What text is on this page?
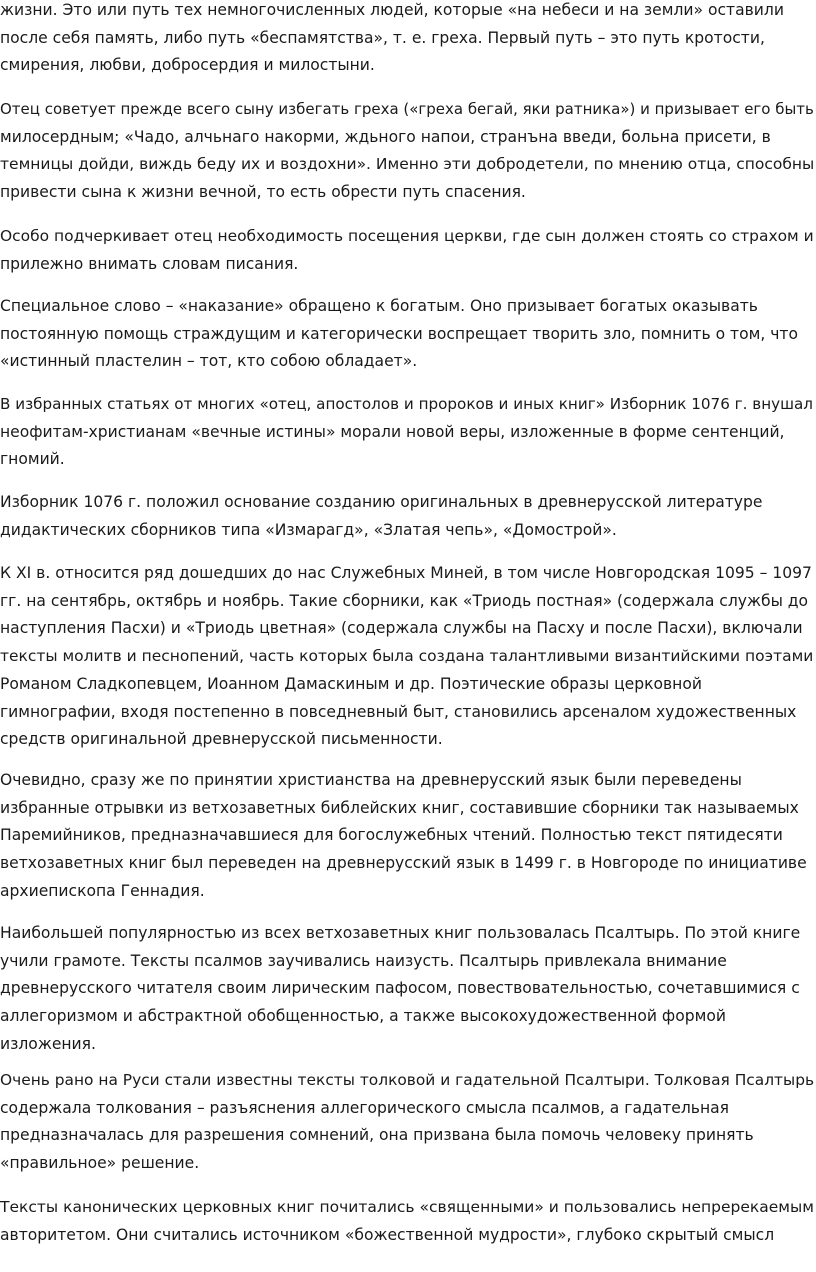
жизни. Это или путь тех немногочисленных людей, которые «на небеси и на земли» оставили
после себя память, либо путь «беспамятства», т. е. греха. Первый путь – это путь кротости,
смирения, любви, добросердия и милостыни.
Отец советует прежде всего сыну избегать греха («греха бегай, яки ратника») и призывает его быть
милосердным; «Чадо, алчьнаго накорми, ждьного напои, странъна введи, больна присети, в
темницы дойди, виждь беду их и воздохни». Именно эти добродетели, по мнению отца, способны
привести сына к жизни вечной, то есть обрести путь спасения.
Особо подчеркивает отец необходимость посещения церкви, где сын должен стоять со страхом и
прилежно внимать словам писания.
Специальное слово – «наказание» обращено к богатым. Оно призывает богатых оказывать
постоянную помощь страждущим и категорически воспрещает творить зло, помнить о том, что
«истинный пластелин – тот, кто собою обладает».
В избранных статьях от многих «отец, апостолов и пророков и иных книг» Изборник 1076 г. внушал
неофитам-христианам «вечные истины» морали новой веры, изложенные в форме сентенций,
гномий.
Изборник 1076 г. положил основание созданию оригинальных в древнерусской литературе
дидактических сборников типа «Измарагд», «Златая чепь», «Домострой».
К XI в. относится ряд дошедших до нас Служебных Миней, в том числе Новгородская 1095 – 1097
гг. на сентябрь, октябрь и ноябрь. Такие сборники, как «Триодь постная» (содержала службы до
наступления Пасхи) и «Триодь цветная» (содержала службы на Пасху и после Пасхи), включали
тексты молитв и песнопений, часть которых была создана талантливыми византийскими поэтами
Романом Сладкопевцем, Иоанном Дамаскиным и др. Поэтические образы церковной
гимнографии, входя постепенно в повседневный быт, становились арсеналом художественных
средств оригинальной древнерусской письменности.
Очевидно, сразу же по принятии христианства на древнерусский язык были переведены
избранные отрывки из ветхозаветных библейских книг, составившие сборники так называемых
Паремийников, предназначавшиеся для богослужебных чтений. Полностью текст пятидесяти
ветхозаветных книг был переведен на древнерусский язык в 1499 г. в Новгороде по инициативе
архиепископа Геннадия.
Наибольшей популярностью из всех ветхозаветных книг пользовалась Псалтырь. По этой книге
учили грамоте. Тексты псалмов заучивались наизусть. Псалтырь привлекала внимание
древнерусского читателя своим лирическим пафосом, повествовательностью, сочетавшимися с
аллегоризмом и абстрактной обобщенностью, а также высокохудожественной формой
изложения.
Очень рано на Руси стали известны тексты толковой и гадательной Псалтыри. Толковая Псалтырь
содержала толкования – разъяснения аллегорического смысла псалмов, а гадательная
предназначалась для разрешения сомнений, она призвана была помочь человеку принять
«правильное» решение.
Тексты канонических церковных книг почитались «священными» и пользовались непререкаемым
авторитетом. Они считались источником «божественной мудрости», глубоко скрытый смысл
